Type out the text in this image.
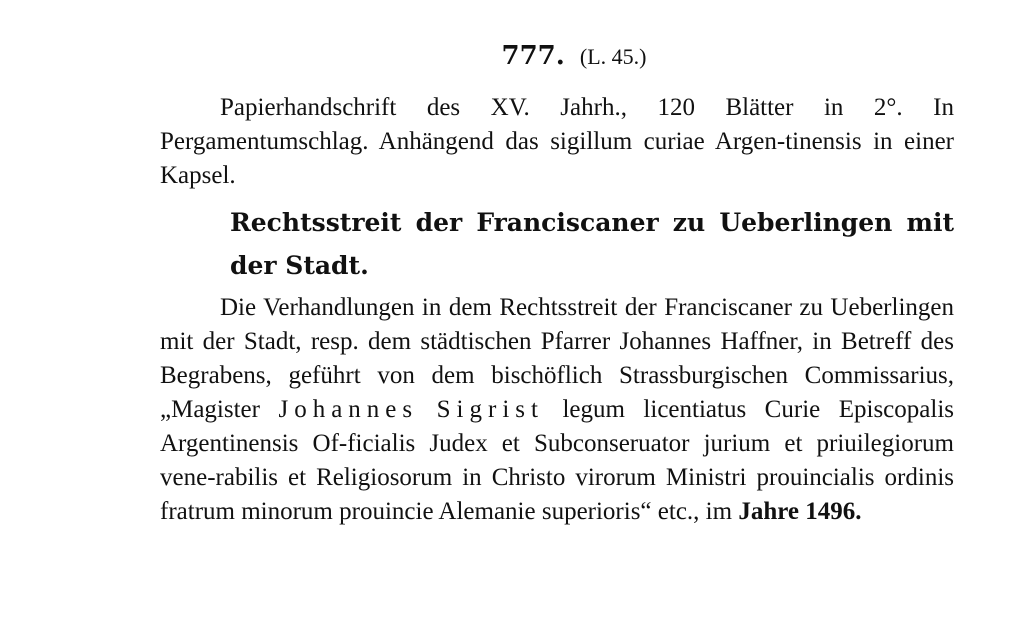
777. (L. 45.)

Papierhandschrift des XV. Jahrh., 120 Blätter in 2°. In Pergamentumschlag. Anhängend das sigillum curiae Argen-tinensis in einer Kapsel.

Rechtsstreit der Franciscaner zu Ueberlingen mit der Stadt.

Die Verhandlungen in dem Rechtsstreit der Franciscaner zu Ueberlingen mit der Stadt, resp. dem städtischen Pfarrer Johannes Haffner, in Betreff des Begrabens, geführt von dem bischöflich Strassburgischen Commissarius, „Magister Johannes Sigrist legum licentiatus Curie Episcopalis Argentinensis Of-ficialis Judex et Subconseruator jurium et priuilegiorum vene-rabilis et Religiosorum in Christo virorum Ministri prouincialis ordinis fratrum minorum prouincie Alemanie superioris“ etc., im Jahre 1496.
